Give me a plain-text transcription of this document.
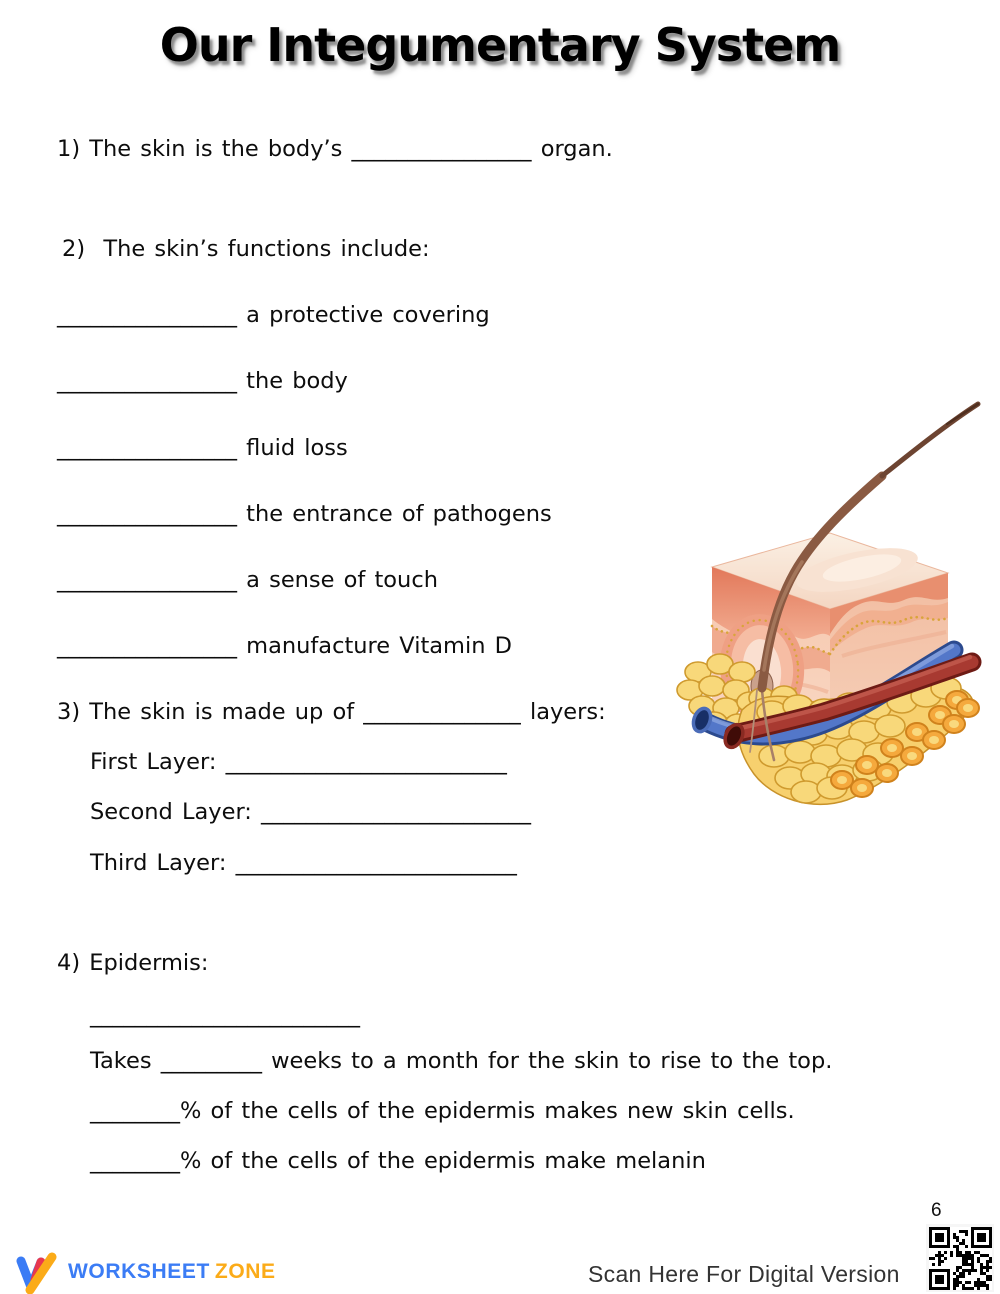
Our Integumentary System
1) The skin is the body’s ________________ organ.
2)  The skin’s functions include:
________________ a protective covering
________________ the body
________________ fluid loss
________________ the entrance of pathogens
________________ a sense of touch
________________ manufacture Vitamin D
3) The skin is made up of ______________ layers:
First Layer: _________________________
Second Layer: ________________________
Third Layer: _________________________
4) Epidermis:
________________________
Takes _________ weeks to a month for the skin to rise to the top.
________% of the cells of the epidermis makes new skin cells.
________% of the cells of the epidermis make melanin
WORKSHEET ZONE	Scan Here For Digital Version
6
